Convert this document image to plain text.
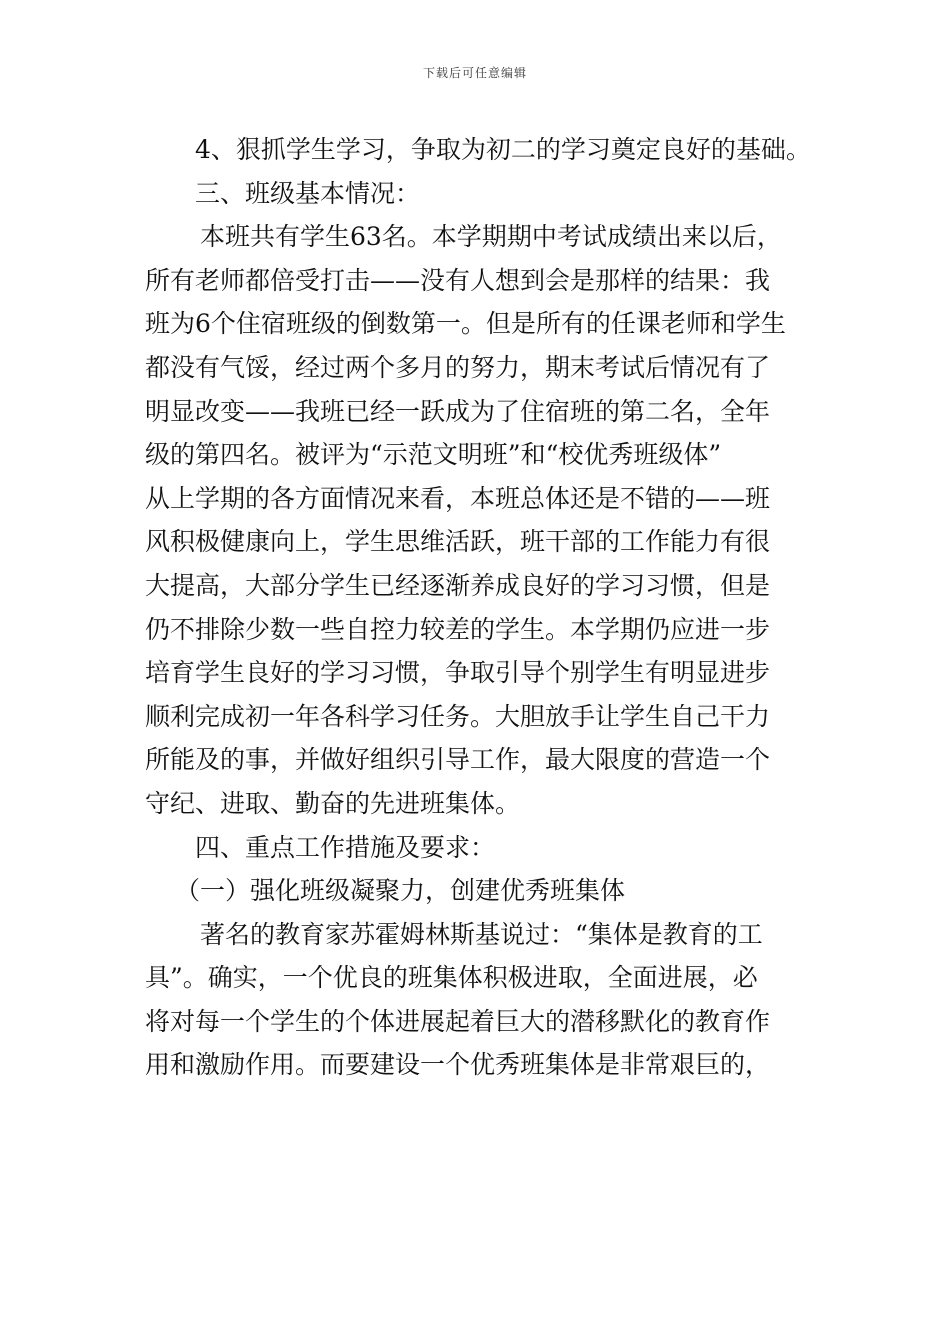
下载后可任意编辑

4、狠抓学生学习，争取为初二的学习奠定良好的基础。

三、班级基本情况：

本班共有学生63名。本学期期中考试成绩出来以后，

所有老师都倍受打击——没有人想到会是那样的结果：我

班为6个住宿班级的倒数第一。但是所有的任课老师和学生

都没有气馁，经过两个多月的努力，期末考试后情况有了

明显改变——我班已经一跃成为了住宿班的第二名，全年

级的第四名。被评为“示范文明班”和“校优秀班级体”

从上学期的各方面情况来看，本班总体还是不错的——班

风积极健康向上，学生思维活跃，班干部的工作能力有很

大提高，大部分学生已经逐渐养成良好的学习习惯，但是

仍不排除少数一些自控力较差的学生。本学期仍应进一步

培育学生良好的学习习惯，争取引导个别学生有明显进步

顺利完成初一年各科学习任务。大胆放手让学生自己干力

所能及的事，并做好组织引导工作，最大限度的营造一个

守纪、进取、勤奋的先进班集体。

四、重点工作措施及要求：

（一）强化班级凝聚力，创建优秀班集体

著名的教育家苏霍姆林斯基说过：“集体是教育的工

具”。确实，一个优良的班集体积极进取，全面进展，必

将对每一个学生的个体进展起着巨大的潜移默化的教育作

用和激励作用。而要建设一个优秀班集体是非常艰巨的，
